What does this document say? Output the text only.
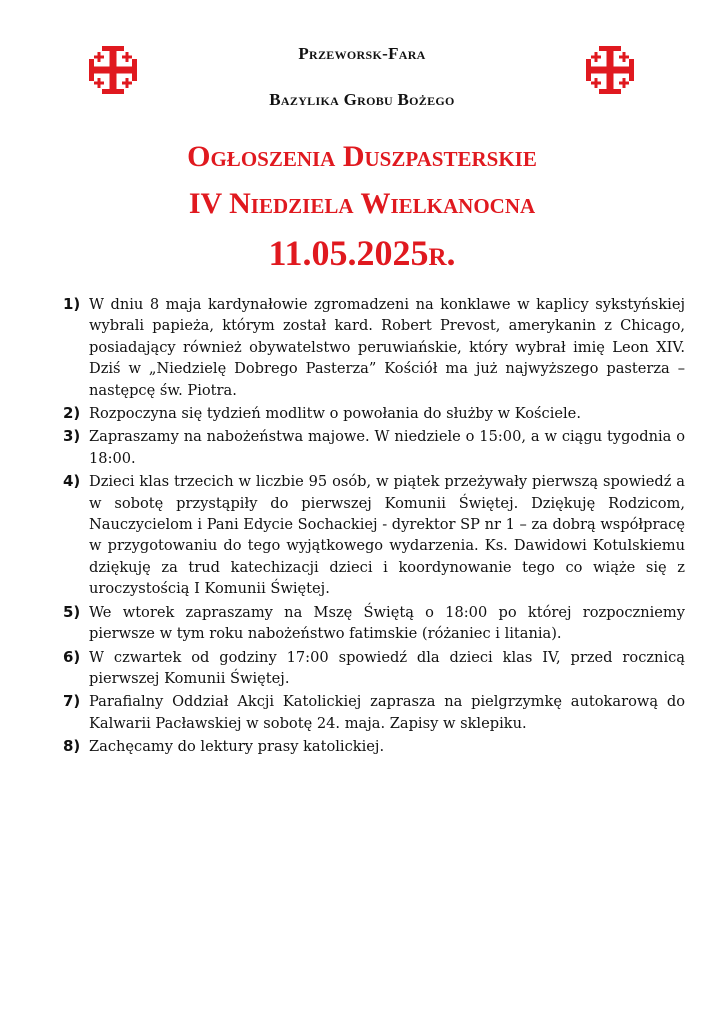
Przeworsk-Fara
Bazylika Grobu Bożego
Ogłoszenia Duszpasterskie
IV Niedziela Wielkanocna
11.05.2025r.
1) W dniu 8 maja kardynałowie zgromadzeni na konklawe w kaplicy sykstyńskiej wybrali papieża, którym został kard. Robert Prevost, amerykanin z Chicago, posiadający również obywatelstwo peruwiańskie, który wybrał imię Leon XIV. Dziś w „Niedzielę Dobrego Pasterza” Kościół ma już najwyższego pasterza – następcę św. Piotra.
2) Rozpoczyna się tydzień modlitw o powołania do służby w Kościele.
3) Zapraszamy na nabożeństwa majowe. W niedziele o 15:00, a w ciągu tygodnia o 18:00.
4) Dzieci klas trzecich w liczbie 95 osób, w piątek przeżywały pierwszą spowiedź a w sobotę przystąpiły do pierwszej Komunii Świętej. Dziękuję Rodzicom, Nauczycielom i Pani Edycie Sochackiej - dyrektor SP nr 1 – za dobrą współpracę w przygotowaniu do tego wyjątkowego wydarzenia. Ks. Dawidowi Kotulskiemu dziękuję za trud katechizacji dzieci i koordynowanie tego co wiąże się z uroczystością I Komunii Świętej.
5) We wtorek zapraszamy na Mszę Świętą o 18:00 po której rozpoczniemy pierwsze w tym roku nabożeństwo fatimskie (różaniec i litania).
6) W czwartek od godziny 17:00 spowiedź dla dzieci klas IV, przed rocznicą pierwszej Komunii Świętej.
7) Parafialny Oddział Akcji Katolickiej zaprasza na pielgrzymkę autokarową do Kalwarii Pacławskiej w sobotę 24. maja. Zapisy w sklepiku.
8) Zachęcamy do lektury prasy katolickiej.
